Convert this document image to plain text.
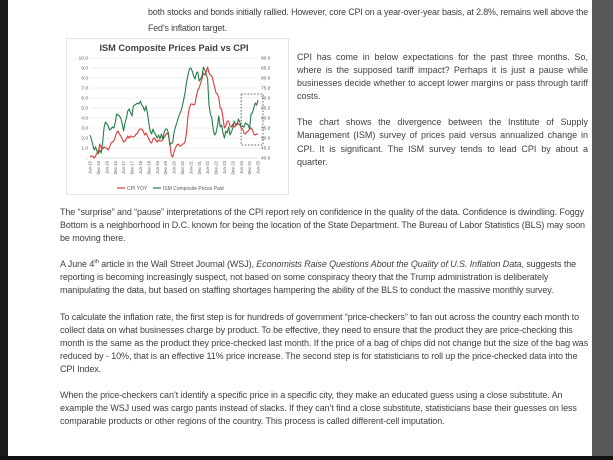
both stocks and bonds initially rallied. However, core CPI on a year-over-year basis, at 2.8%, remains well above the Fed’s inflation target.

10.0	90.0
9.0	85.0
8.0	80.0
7.0	75.0
6.0	70.0
5.0	65.0
4.0	60.0
3.0	55.0
2.0	50.0
1.0	45.0
-	40.0
Jun-15 Dec-15 Jun-16 Dec-16 Jun-17 Dec-17 Jun-18 Dec-18 Jun-19 Dec-19 Jun-20 Dec-20 Jun-21 Dec-21 Jun-22 Dec-22 Jun-23 Dec-23 Jun-24 Dec-24 Jun-25
ISM Composite Prices Paid vs CPI
CPI YOY	ISM Composite Prices Paid

CPI has come in below expectations for the past three months. So, where is the supposed tariff impact? Perhaps it is just a pause while businesses decide whether to accept lower margins or pass through tariff costs.

The chart shows the divergence between the Institute of Supply Management (ISM) survey of prices paid versus annualized change in CPI. It is significant. The ISM survey tends to lead CPI by about a quarter.

The “surprise” and “pause” interpretations of the CPI report rely on confidence in the quality of the data. Confidence is dwindling. Foggy Bottom is a neighborhood in D.C. known for being the location of the State Department. The Bureau of Labor Statistics (BLS) may soon be moving there.

A June 4th article in the Wall Street Journal (WSJ), Economists Raise Questions About the Quality of U.S. Inflation Data, suggests the reporting is becoming increasingly suspect, not based on some conspiracy theory that the Trump administration is deliberately manipulating the data, but based on staffing shortages hampering the ability of the BLS to conduct the massive monthly survey.

To calculate the inflation rate, the first step is for hundreds of government “price-checkers” to fan out across the country each month to collect data on what businesses charge by product. To be effective, they need to ensure that the product they are price-checking this month is the same as the product they price-checked last month. If the price of a bag of chips did not change but the size of the bag was reduced by - 10%, that is an effective 11% price increase. The second step is for statisticians to roll up the price-checked data into the CPI Index.

When the price-checkers can’t identify a specific price in a specific city, they make an educated guess using a close substitute. An example the WSJ used was cargo pants instead of slacks. If they can’t find a close substitute, statisticians base their guesses on less comparable products or other regions of the country. This process is called different-cell imputation.
